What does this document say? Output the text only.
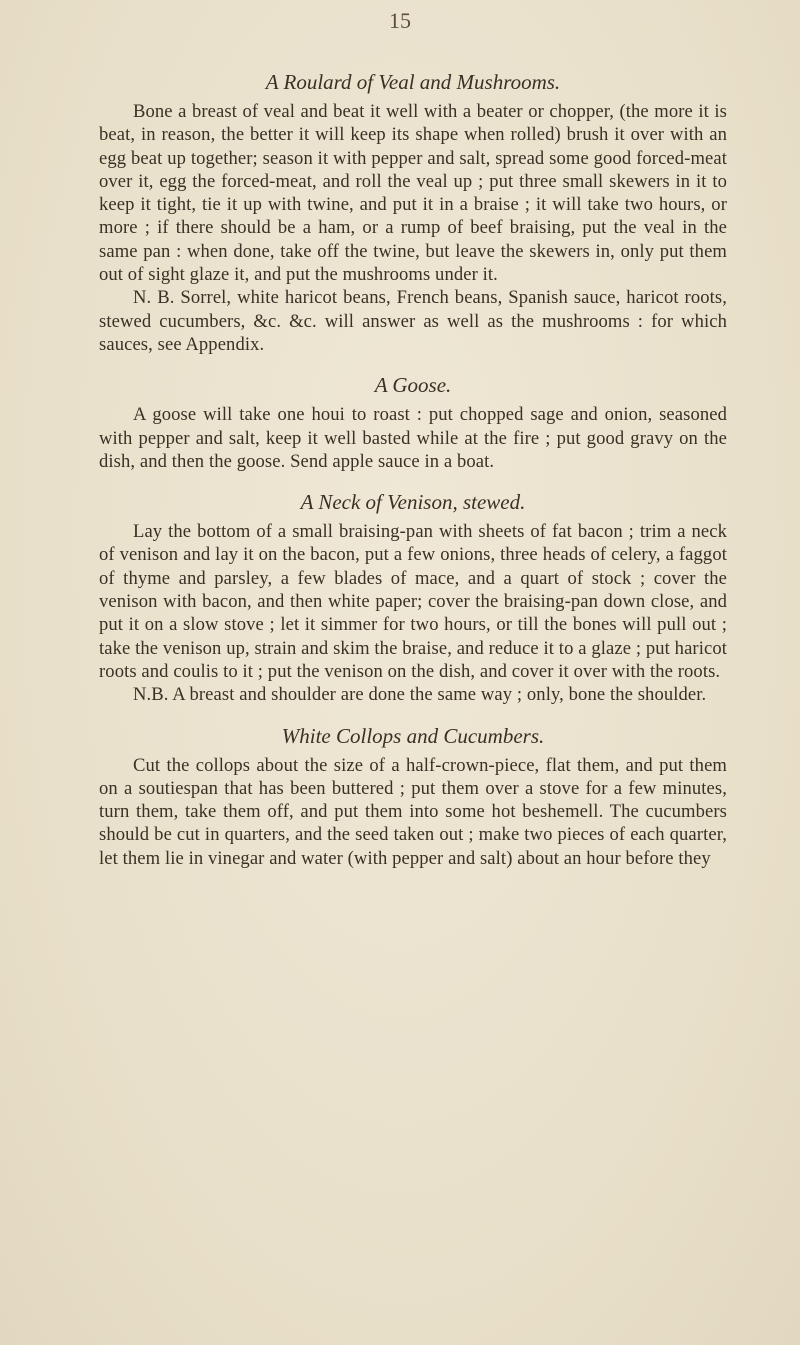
15
A Roulard of Veal and Mushrooms.

Bone a breast of veal and beat it well with a beater or chopper, (the more it is beat, in reason, the better it will keep its shape when rolled) brush it over with an egg beat up together; season it with pepper and salt, spread some good forced-meat over it, egg the forced-meat, and roll the veal up ; put three small skewers in it to keep it tight, tie it up with twine, and put it in a braise ; it will take two hours, or more ; if there should be a ham, or a rump of beef braising, put the veal in the same pan : when done, take off the twine, but leave the skewers in, only put them out of sight glaze it, and put the mushrooms under it.

N. B. Sorrel, white haricot beans, French beans, Spanish sauce, haricot roots, stewed cucumbers, &c. &c. will answer as well as the mushrooms : for which sauces, see Appendix.

A Goose.

A goose will take one houi to roast : put chopped sage and onion, seasoned with pepper and salt, keep it well basted while at the fire ; put good gravy on the dish, and then the goose. Send apple sauce in a boat.

A Neck of Venison, stewed.

Lay the bottom of a small braising-pan with sheets of fat bacon ; trim a neck of venison and lay it on the bacon, put a few onions, three heads of celery, a faggot of thyme and parsley, a few blades of mace, and a quart of stock ; cover the venison with bacon, and then white paper; cover the braising-pan down close, and put it on a slow stove ; let it simmer for two hours, or till the bones will pull out ; take the venison up, strain and skim the braise, and reduce it to a glaze ; put haricot roots and coulis to it ; put the venison on the dish, and cover it over with the roots.

N.B. A breast and shoulder are done the same way ; only, bone the shoulder.

White Collops and Cucumbers.

Cut the collops about the size of a half-crown-piece, flat them, and put them on a soutiespan that has been buttered ; put them over a stove for a few minutes, turn them, take them off, and put them into some hot beshemell. The cucumbers should be cut in quarters, and the seed taken out ; make two pieces of each quarter, let them lie in vinegar and water (with pepper and salt) about an hour before they
